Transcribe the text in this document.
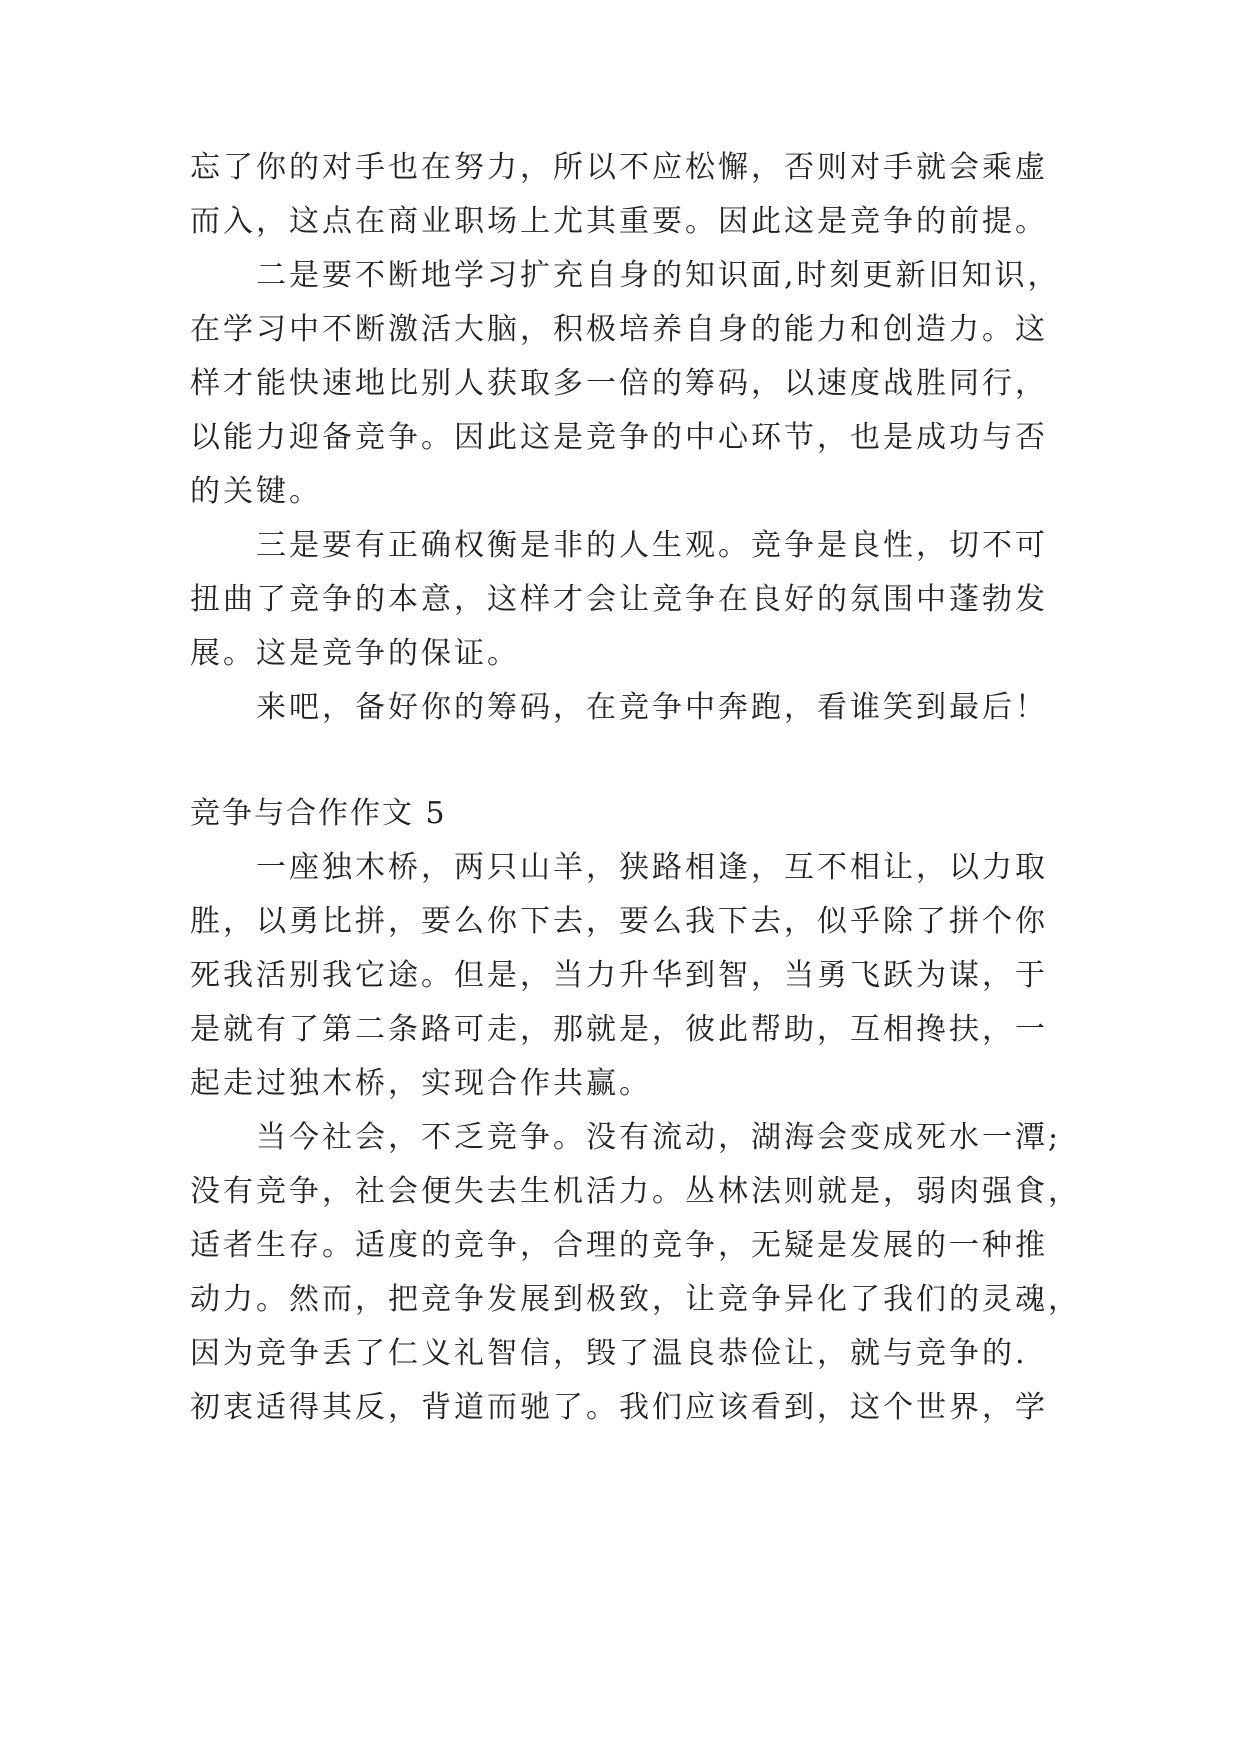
忘了你的对手也在努力，所以不应松懈，否则对手就会乘虚
而入，这点在商业职场上尤其重要。因此这是竞争的前提。
二是要不断地学习扩充自身的知识面,时刻更新旧知识，
在学习中不断激活大脑，积极培养自身的能力和创造力。这
样才能快速地比别人获取多一倍的筹码，以速度战胜同行，
以能力迎备竞争。因此这是竞争的中心环节，也是成功与否
的关键。
三是要有正确权衡是非的人生观。竞争是良性，切不可
扭曲了竞争的本意，这样才会让竞争在良好的氛围中蓬勃发
展。这是竞争的保证。
来吧，备好你的筹码，在竞争中奔跑，看谁笑到最后！
竞争与合作作文 5
一座独木桥，两只山羊，狭路相逢，互不相让，以力取
胜，以勇比拼，要么你下去，要么我下去，似乎除了拼个你
死我活别我它途。但是，当力升华到智，当勇飞跃为谋，于
是就有了第二条路可走，那就是，彼此帮助，互相搀扶，一
起走过独木桥，实现合作共赢。
当今社会，不乏竞争。没有流动，湖海会变成死水一潭;
没有竞争，社会便失去生机活力。丛林法则就是，弱肉强食，
适者生存。适度的竞争，合理的竞争，无疑是发展的一种推
动力。然而，把竞争发展到极致，让竞争异化了我们的灵魂，
因为竞争丢了仁义礼智信，毁了温良恭俭让，就与竞争的.
初衷适得其反，背道而驰了。我们应该看到，这个世界，学
